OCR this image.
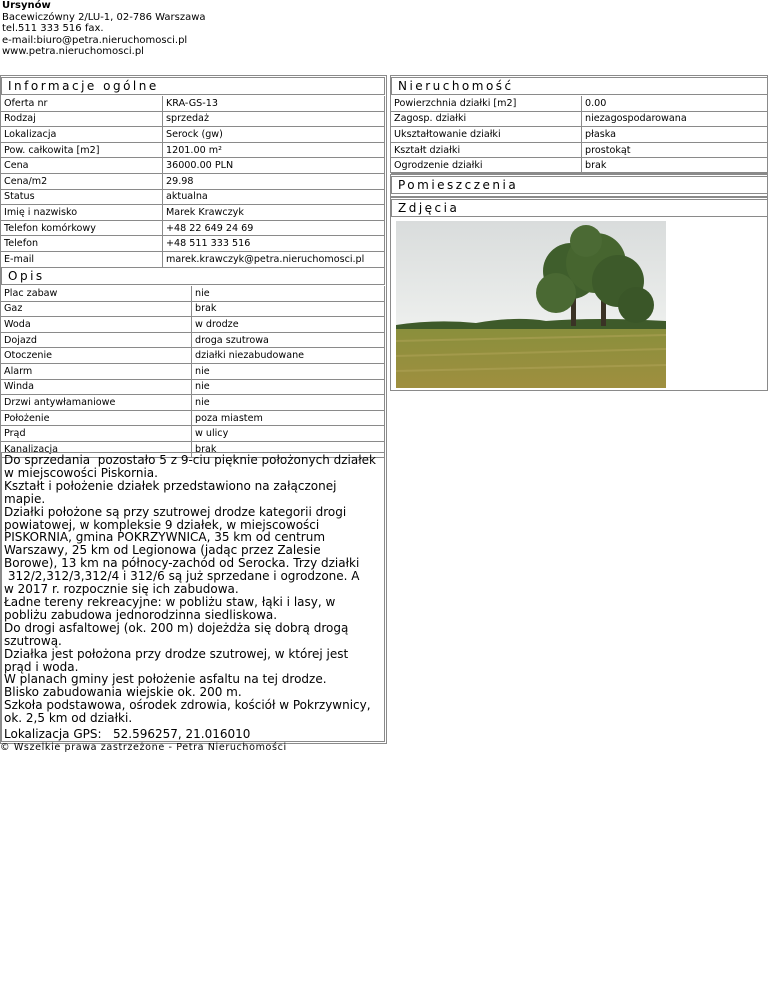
Ursynów
Bacewiczówny 2/LU-1, 02-786 Warszawa
tel.511 333 516 fax.
e-mail:biuro@petra.nieruchomosci.pl
www.petra.nieruchomosci.pl
Informacje ogólne
Oferta nr	KRA-GS-13
Rodzaj	sprzedaż
Lokalizacja	Serock (gw)
Pow. całkowita [m2]	1201.00 m²
Cena	36000.00 PLN
Cena/m2	29.98
Status	aktualna
Imię i nazwisko	Marek Krawczyk
Telefon komórkowy	+48 22 649 24 69
Telefon	+48 511 333 516
E-mail	marek.krawczyk@petra.nieruchomosci.pl
Opis
Plac zabaw	nie
Gaz	brak
Woda	w drodze
Dojazd	droga szutrowa
Otoczenie	działki niezabudowane
Alarm	nie
Winda	nie
Drzwi antywłamaniowe	nie
Położenie	poza miastem
Prąd	w ulicy
Kanalizacja	brak
Do sprzedania  pozostało 5 z 9-ciu pięknie położonych działek
w miejscowości Piskornia.
Kształt i położenie działek przedstawiono na załączonej
mapie.
Działki położone są przy szutrowej drodze kategorii drogi
powiatowej, w kompleksie 9 działek, w miejscowości
PISKORNIA, gmina POKRZYWNICA, 35 km od centrum
Warszawy, 25 km od Legionowa (jadąc przez Zalesie
Borowe), 13 km na północy-zachód od Serocka. Trzy działki
312/2,312/3,312/4 i 312/6 są już sprzedane i ogrodzone. A
w 2017 r. rozpocznie się ich zabudowa.
Ładne tereny rekreacyjne: w pobliżu staw, łąki i lasy, w
pobliżu zabudowa jednorodzinna siedliskowa.
Do drogi asfaltowej (ok. 200 m) dojeżdża się dobrą drogą
szutrową.
Działka jest położona przy drodze szutrowej, w której jest
prąd i woda.
W planach gminy jest położenie asfaltu na tej drodze.
Blisko zabudowania wiejskie ok. 200 m.
Szkoła podstawowa, ośrodek zdrowia, kościół w Pokrzywnicy,
ok. 2,5 km od działki.
Lokalizacja GPS: 52.596257, 21.016010
© Wszelkie prawa zastrzeżone - Petra Nieruchomości
Nieruchomość
Powierzchnia działki [m2]	0.00
Zagosp. działki	niezagospodarowana
Ukształtowanie działki	płaska
Kształt działki	prostokąt
Ogrodzenie działki	brak
Pomieszczenia
Zdjęcia
